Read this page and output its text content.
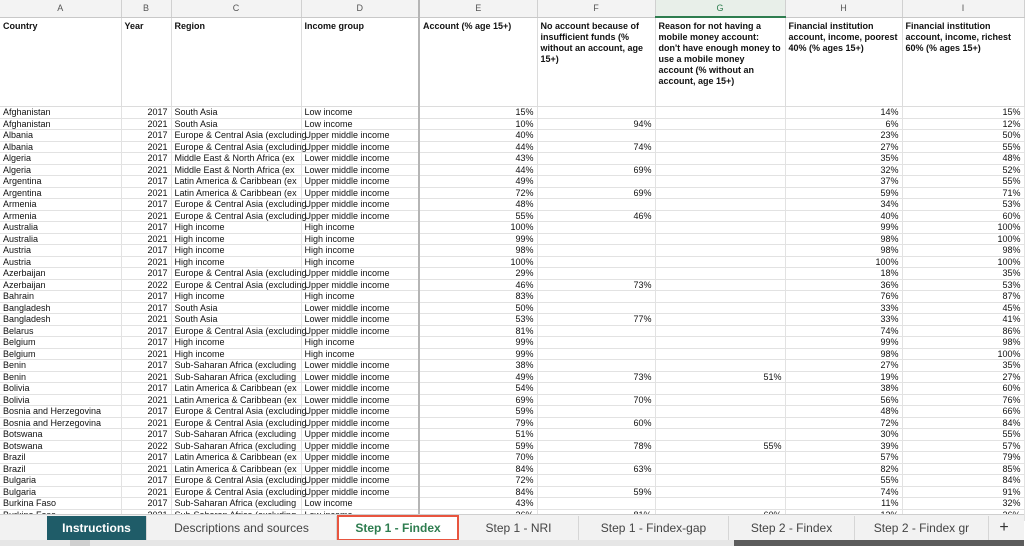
A	B	C	D	E	F	G	H	I
Country	Year	Region	Income group	Account (% age 15+)	No account because of insufficient funds (% without an account, age 15+)	Reason for not having a mobile money account: don't have enough money to use a mobile money account (% without an account, age 15+)	Financial institution account, income, poorest 40% (% ages 15+)	Financial institution account, income, richest 60% (% ages 15+)
Afghanistan	2017	South Asia	Low income	15%			14%	15%
Afghanistan	2021	South Asia	Low income	10%	94%		6%	12%
Albania	2017	Europe & Central Asia (excluding	Upper middle income	40%			23%	50%
Albania	2021	Europe & Central Asia (excluding	Upper middle income	44%	74%		27%	55%
Algeria	2017	Middle East & North Africa (ex	Lower middle income	43%			35%	48%
Algeria	2021	Middle East & North Africa (ex	Lower middle income	44%	69%		32%	52%
Argentina	2017	Latin America & Caribbean (ex	Upper middle income	49%			37%	55%
Argentina	2021	Latin America & Caribbean (ex	Upper middle income	72%	69%		59%	71%
Armenia	2017	Europe & Central Asia (excluding	Upper middle income	48%			34%	53%
Armenia	2021	Europe & Central Asia (excluding	Upper middle income	55%	46%		40%	60%
Australia	2017	High income	High income	100%			99%	100%
Australia	2021	High income	High income	99%			98%	100%
Austria	2017	High income	High income	98%			98%	98%
Austria	2021	High income	High income	100%			100%	100%
Azerbaijan	2017	Europe & Central Asia (excluding	Upper middle income	29%			18%	35%
Azerbaijan	2022	Europe & Central Asia (excluding	Upper middle income	46%	73%		36%	53%
Bahrain	2017	High income	High income	83%			76%	87%
Bangladesh	2017	South Asia	Lower middle income	50%			33%	45%
Bangladesh	2021	South Asia	Lower middle income	53%	77%		33%	41%
Belarus	2017	Europe & Central Asia (excluding	Upper middle income	81%			74%	86%
Belgium	2017	High income	High income	99%			99%	98%
Belgium	2021	High income	High income	99%			98%	100%
Benin	2017	Sub-Saharan Africa (excluding	Lower middle income	38%			27%	35%
Benin	2021	Sub-Saharan Africa (excluding	Lower middle income	49%	73%	51%	19%	27%
Bolivia	2017	Latin America & Caribbean (ex	Lower middle income	54%			38%	60%
Bolivia	2021	Latin America & Caribbean (ex	Lower middle income	69%	70%		56%	76%
Bosnia and Herzegovina	2017	Europe & Central Asia (excluding	Upper middle income	59%			48%	66%
Bosnia and Herzegovina	2021	Europe & Central Asia (excluding	Upper middle income	79%	60%		72%	84%
Botswana	2017	Sub-Saharan Africa (excluding	Upper middle income	51%			30%	55%
Botswana	2022	Sub-Saharan Africa (excluding	Upper middle income	59%	78%	55%	39%	57%
Brazil	2017	Latin America & Caribbean (ex	Upper middle income	70%			57%	79%
Brazil	2021	Latin America & Caribbean (ex	Upper middle income	84%	63%		82%	85%
Bulgaria	2017	Europe & Central Asia (excluding	Upper middle income	72%			55%	84%
Bulgaria	2021	Europe & Central Asia (excluding	Upper middle income	84%	59%		74%	91%
Burkina Faso	2017	Sub-Saharan Africa (excluding	Low income	43%			11%	32%

Instructions	Descriptions and sources	Step 1 - Findex	Step 1 - NRI	Step 1 - Findex-gap	Step 2 - Findex	Step 2 - Findex gr	+
